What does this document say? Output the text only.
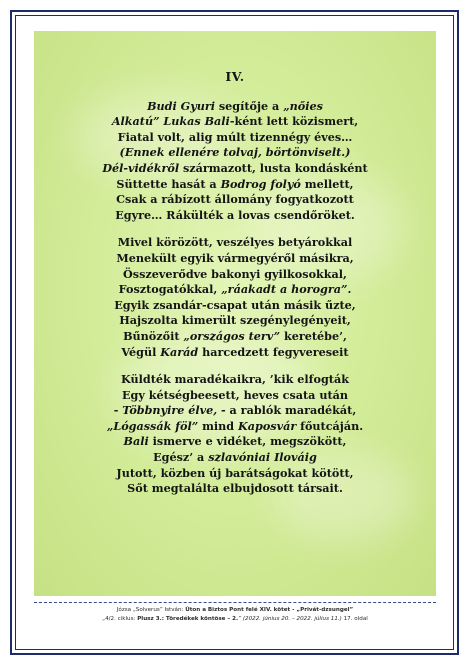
IV.
Budi Gyuri segítője a „nőies
Alkatú” Lukas Bali-ként lett közismert,
Fiatal volt, alig múlt tizennégy éves…
(Ennek ellenére tolvaj, börtönviselt.)
Dél-vidékről származott, lusta kondásként
Süttette hasát a Bodrog folyó mellett,
Csak a rábízott állomány fogyatkozott
Egyre… Rákülték a lovas csendőröket.
Mivel körözött, veszélyes betyárokkal
Menekült egyik vármegyéről másikra,
Összeverődve bakonyi gyilkosokkal,
Fosztogatókkal, „ráakadt a horogra”.
Egyik zsandár-csapat után másik űzte,
Hajszolta kimerült szegénylegényeit,
Bűnözőit „országos terv” keretébe’,
Végül Karád harcedzett fegyvereseit
Küldték maradékaikra, ’kik elfogták
Egy kétségbeesett, heves csata után
- Többnyire élve, - a rablók maradékát,
„Lógassák föl” mind Kaposvár főutcáján.
Bali ismerve e vidéket, megszökött,
Egész’ a szlavóniai Ilováig
Jutott, közben új barátságokat kötött,
Sőt megtalálta elbujdosott társait.
Józsa „Solverus” István: Úton a Biztos Pont felé XIV. kötet - „Privát-dzsungel”
„4/2. ciklus: Plusz 3.: Töredékek köntöse – 2.” (2022. június 20. – 2022. július 11.) 17. oldal
